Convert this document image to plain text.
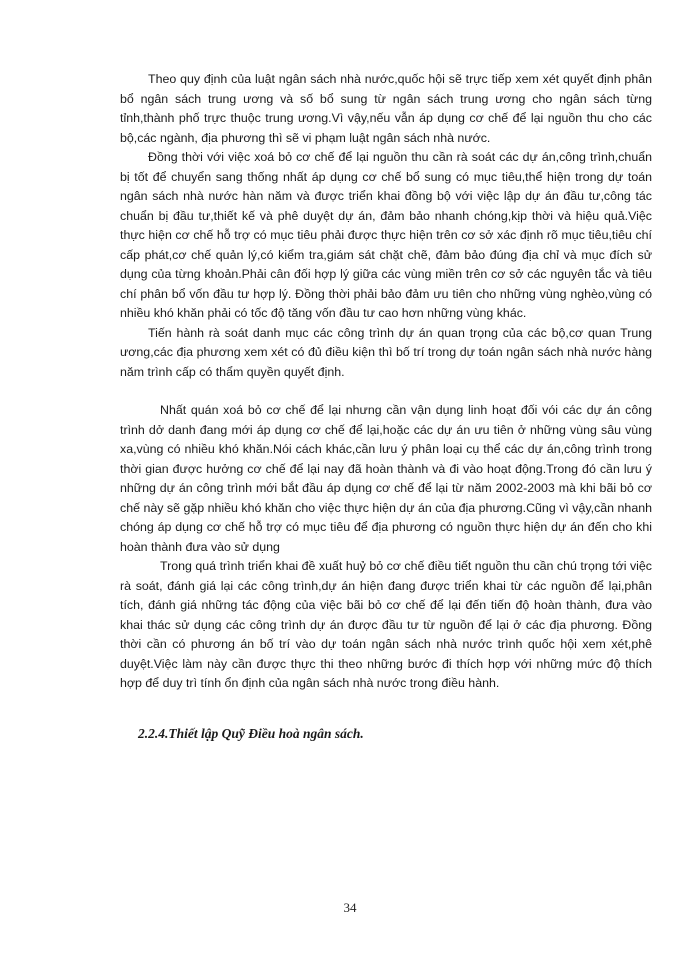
Theo quy định của luật ngân sách nhà nước,quốc hội sẽ trực tiếp xem xét quyết định phân bổ ngân sách trung ương và số bổ sung từ ngân sách trung ương cho ngân sách từng tỉnh,thành phố trực thuộc trung ương.Vì vậy,nếu vẫn áp dụng cơ chế để lại nguồn thu cho các bộ,các ngành, địa phương thì sẽ vi phạm luật ngân sách nhà nước.

Đồng thời với việc xoá bỏ cơ chế để lại nguồn thu cần rà soát các dự án,công trình,chuẩn bị tốt để chuyển sang thống nhất áp dụng cơ chế bổ sung có mục tiêu,thể hiện trong dự toán ngân sách nhà nước hàn năm và được triển khai đồng bộ với việc lập dự án đầu tư,công tác chuẩn bị đầu tư,thiết kế và phê duyệt dự án, đảm bảo nhanh chóng,kịp thời và hiệu quả.Việc thực hiện cơ chế hỗ trợ có mục tiêu phải được thực hiện trên cơ sở xác định rõ mục tiêu,tiêu chí cấp phát,cơ chế quản lý,có kiểm tra,giám sát chặt chẽ, đảm bảo đúng địa chỉ và mục đích sử dụng của từng khoản.Phải cân đối hợp lý giữa các vùng miền trên cơ sở các nguyên tắc và tiêu chí phân bổ vốn đầu tư hợp lý. Đồng thời phải bảo đảm ưu tiên cho những vùng nghèo,vùng có nhiều khó khăn phải có tốc độ tăng vốn đầu tư cao hơn những vùng khác.

Tiến hành rà soát danh mục các công trình dự án quan trọng của các bộ,cơ quan Trung ương,các địa phương xem xét có đủ điều kiện thì bố trí trong dự toán ngân sách nhà nước hàng năm trình cấp có thẩm quyền quyết định.

Nhất quán xoá bỏ cơ chế để lại nhưng cần vận dụng linh hoạt đối vói các dự án công trình dở danh đang mới áp dụng cơ chế để lại,hoặc các dự án ưu tiên ở những vùng sâu vùng xa,vùng có nhiều khó khăn.Nói cách khác,cần lưu ý phân loại cụ thể các dự án,công trình trong thời gian được hưởng cơ chế để lại nay đã hoàn thành và đi vào hoạt động.Trong đó cần lưu ý những dự án công trình mới bắt đầu áp dụng cơ chế để lại từ năm 2002-2003 mà khi bãi bỏ cơ chế này sẽ gặp nhiều khó khăn cho việc thực hiện dự án của địa phương.Cũng vì vậy,cần nhanh chóng áp dụng cơ chế hỗ trợ có mục tiêu để địa phương có nguồn thực hiện dự án đến cho khi hoàn thành đưa vào sử dụng

Trong quá trình triển khai đề xuất huỷ bỏ cơ chế điều tiết nguồn thu cần chú trọng tới việc rà soát, đánh giá lại các công trình,dự án hiện đang được triển khai từ các nguồn để lại,phân tích, đánh giá những tác động của việc bãi bỏ cơ chế để lại đến tiến độ hoàn thành, đưa vào khai thác sử dụng các công trình dự án được đầu tư từ nguồn để lại ở các địa phương. Đồng thời cần có phương án bố trí vào dự toán ngân sách nhà nước trình quốc hội xem xét,phê duyệt.Việc làm này cần được thực thi theo những bước đi thích hợp với những mức độ thích hợp để duy trì tính ổn định của ngân sách nhà nước trong điều hành.

2.2.4.Thiết lập Quỹ Điều hoà ngân sách.
34
